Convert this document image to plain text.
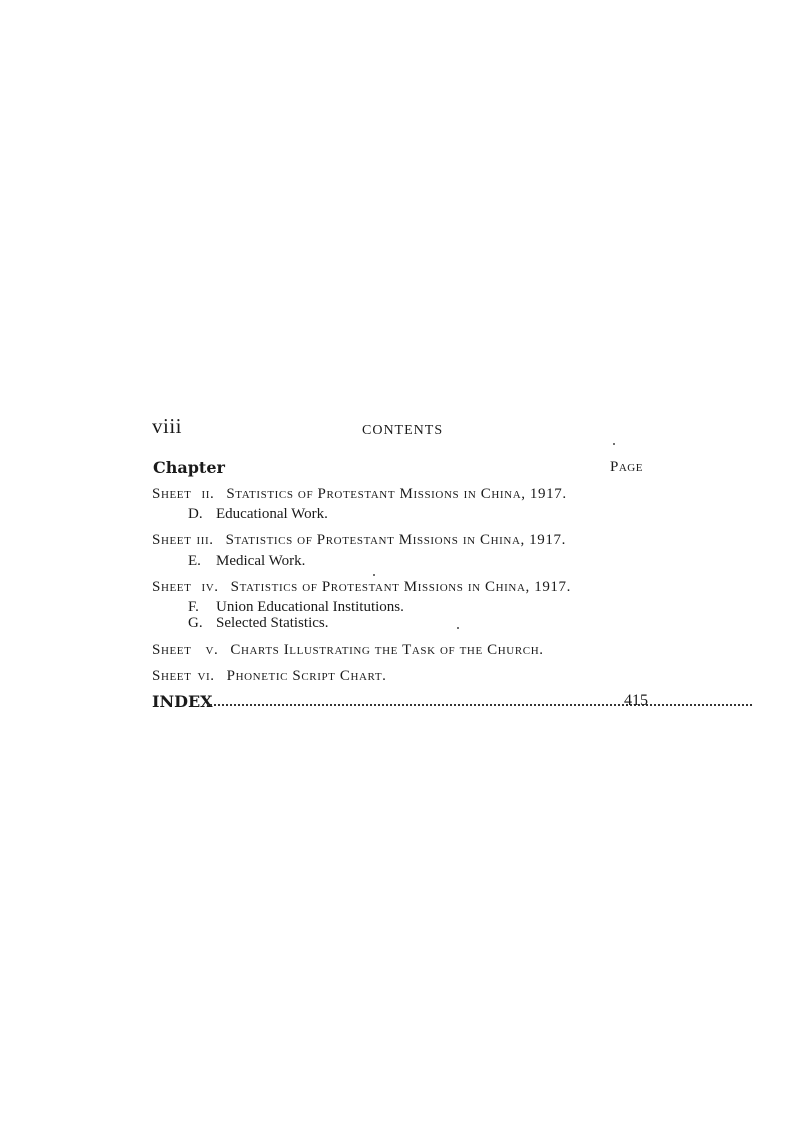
viii	CONTENTS
Chapter	Page
Sheet ii. Statistics of Protestant Missions in China, 1917.
D. Educational Work.
Sheet iii. Statistics of Protestant Missions in China, 1917.
E. Medical Work.
Sheet iv. Statistics of Protestant Missions in China, 1917.
F. Union Educational Institutions.
G. Selected Statistics.
Sheet v. Charts Illustrating the Task of the Church.
Sheet vi. Phonetic Script Chart.
INDEX	415
